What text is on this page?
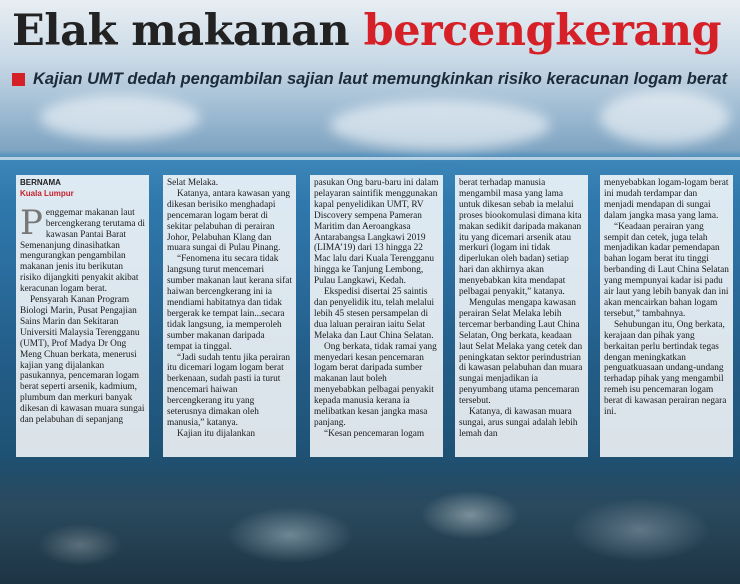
Elak makanan bercengkerang
Kajian UMT dedah pengambilan sajian laut memungkinkan risiko keracunan logam berat
BERNAMA
Kuala Lumpur
P enggemar makanan laut bercengkerang terutama di kawasan Pantai Barat Semenanjung dinasihatkan mengurangkan pengambilan makanan jenis itu berikutan risiko dijangkiti penyakit akibat keracunan logam berat.

Pensyarah Kanan Program Biologi Marin, Pusat Pengajian Sains Marin dan Sekitaran Universiti Malaysia Terengganu (UMT), Prof Madya Dr Ong Meng Chuan berkata, menerusi kajian yang dijalankan pasukannya, pencemaran logam berat seperti arsenik, kadmium, plumbum dan merkuri banyak dikesan di kawasan muara sungai dan pelabuhan di sepanjang

Selat Melaka.

Katanya, antara kawasan yang dikesan berisiko menghadapi pencemaran logam berat di sekitar pelabuhan di perairan Johor, Pelabuhan Klang dan muara sungai di Pulau Pinang.

“Fenomena itu secara tidak langsung turut mencemari sumber makanan laut kerana sifat haiwan bercengkerang ini ia mendiami habitatnya dan tidak bergerak ke tempat lain...secara tidak langsung, ia memperoleh sumber makanan daripada tempat ia tinggal.

“Jadi sudah tentu jika perairan itu dicemari logam logam berat berkenaan, sudah pasti ia turut mencemari haiwan bercengkerang itu yang seterusnya dimakan oleh manusia,” katanya.

Kajian itu dijalankan

pasukan Ong baru-baru ini dalam pelayaran saintifik menggunakan kapal penyelidikan UMT, RV Discovery sempena Pameran Maritim dan Aeroangkasa Antarabangsa Langkawi 2019 (LIMA’19) dari 13 hingga 22 Mac lalu dari Kuala Terengganu hingga ke Tanjung Lembong, Pulau Langkawi, Kedah.

Ekspedisi disertai 25 saintis dan penyelidik itu, telah melalui lebih 45 stesen persampelan di dua laluan perairan iaitu Selat Melaka dan Laut China Selatan.

Ong berkata, tidak ramai yang menyedari kesan pencemaran logam berat daripada sumber makanan laut boleh menyebabkan pelbagai penyakit kepada manusia kerana ia melibatkan kesan jangka masa panjang.

“Kesan pencemaran logam

berat terhadap manusia mengambil masa yang lama untuk dikesan sebab ia melalui proses biookomulasi dimana kita makan sedikit daripada makanan itu yang dicemari arsenik atau merkuri (logam ini tidak diperlukan oleh badan) setiap hari dan akhirnya akan menyebabkan kita mendapat pelbagai penyakit,” katanya.

Mengulas mengapa kawasan perairan Selat Melaka lebih tercemar berbanding Laut China Selatan, Ong berkata, keadaan laut Selat Melaka yang cetek dan peningkatan sektor perindustrian di kawasan pelabuhan dan muara sungai menjadikan ia penyumbang utama pencemaran tersebut.

Katanya, di kawasan muara sungai, arus sungai adalah lebih lemah dan

menyebabkan logam-logam berat ini mudah terdampar dan menjadi mendapan di sungai dalam jangka masa yang lama.

“Keadaan perairan yang sempit dan cetek, juga telah menjadikan kadar pemendapan bahan logam berat itu tinggi berbanding di Laut China Selatan yang mempunyai kadar isi padu air laut yang lebih banyak dan ini akan mencairkan bahan logam tersebut,” tambahnya.

Sehubungan itu, Ong berkata, kerajaan dan pihak yang berkaitan perlu bertindak tegas dengan meningkatkan penguatkuasaan undang-undang terhadap pihak yang mengambil remeh isu pencemaran logam berat di kawasan perairan negara ini.
